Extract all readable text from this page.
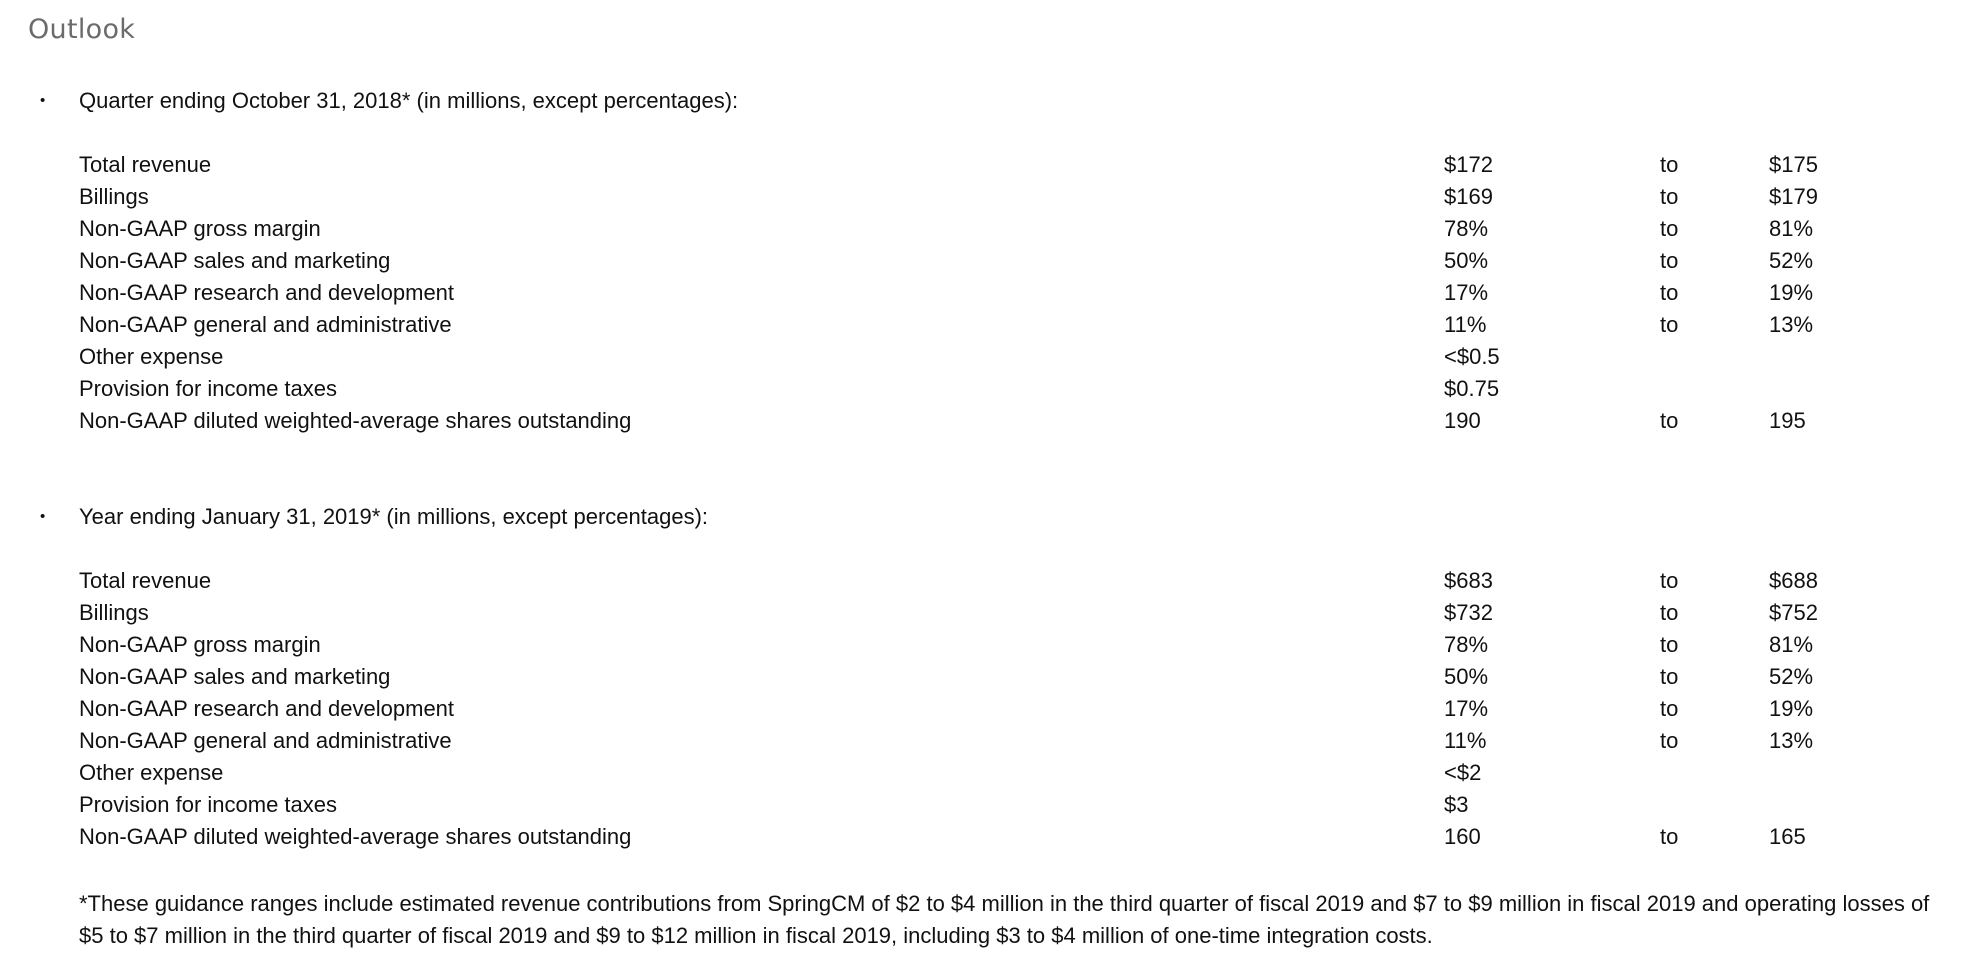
Outlook
• Quarter ending October 31, 2018* (in millions, except percentages):
Total revenue	$172	to	$175
Billings	$169	to	$179
Non-GAAP gross margin	78%	to	81%
Non-GAAP sales and marketing	50%	to	52%
Non-GAAP research and development	17%	to	19%
Non-GAAP general and administrative	11%	to	13%
Other expense	<$0.5
Provision for income taxes	$0.75
Non-GAAP diluted weighted-average shares outstanding	190	to	195
• Year ending January 31, 2019* (in millions, except percentages):
Total revenue	$683	to	$688
Billings	$732	to	$752
Non-GAAP gross margin	78%	to	81%
Non-GAAP sales and marketing	50%	to	52%
Non-GAAP research and development	17%	to	19%
Non-GAAP general and administrative	11%	to	13%
Other expense	<$2
Provision for income taxes	$3
Non-GAAP diluted weighted-average shares outstanding	160	to	165
*These guidance ranges include estimated revenue contributions from SpringCM of $2 to $4 million in the third quarter of fiscal 2019 and $7 to $9 million in fiscal 2019 and operating losses of $5 to $7 million in the third quarter of fiscal 2019 and $9 to $12 million in fiscal 2019, including $3 to $4 million of one-time integration costs.
